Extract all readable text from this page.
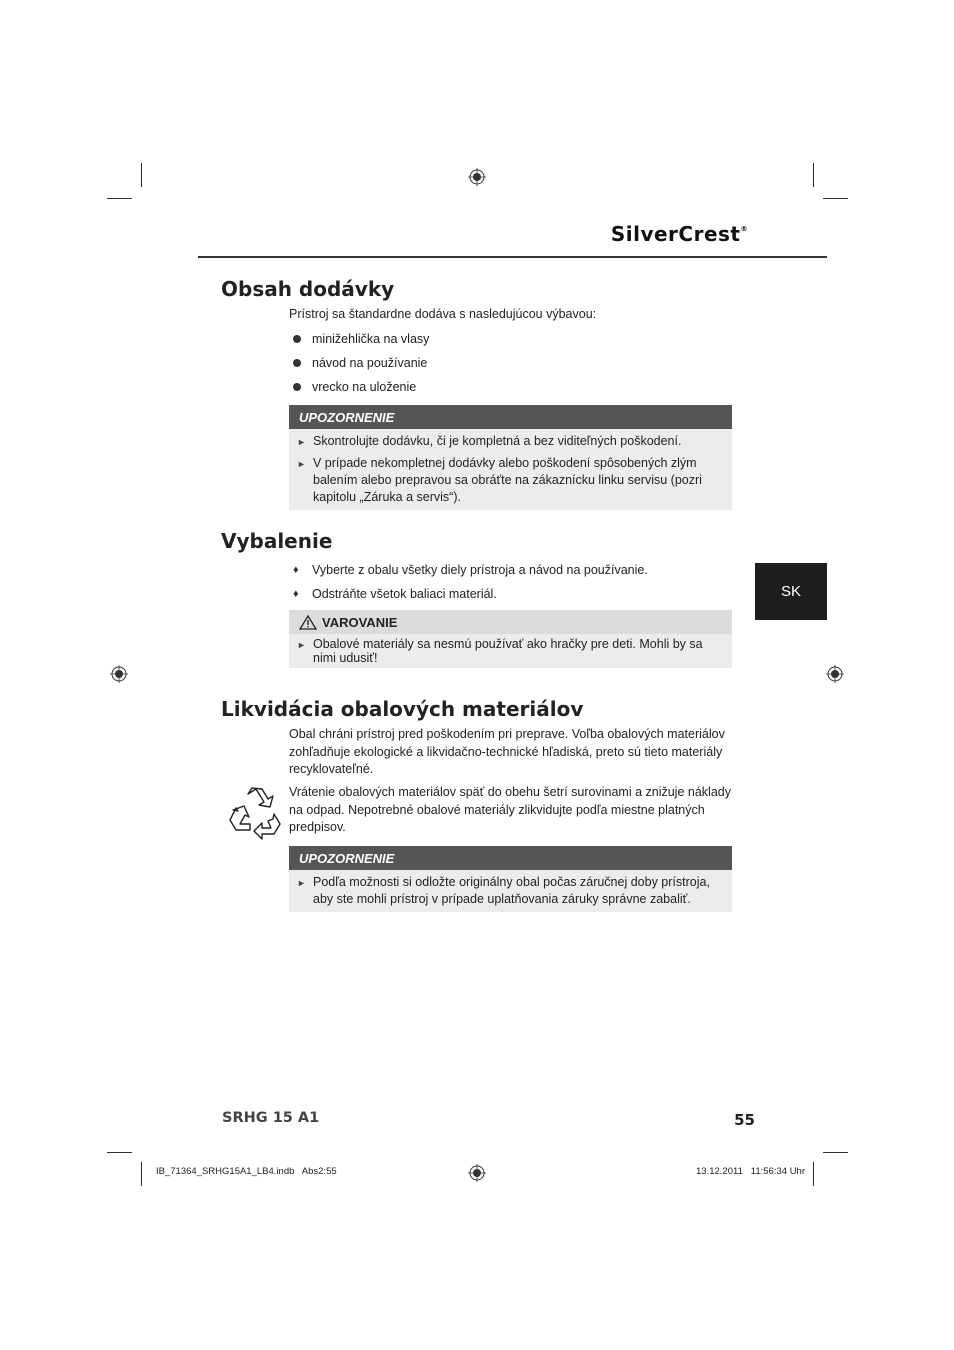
SilverCrest®
Obsah dodávky
Prístroj sa štandardne dodáva s nasledujúcou výbavou:
minižehlička na vlasy
návod na používanie
vrecko na uloženie
UPOZORNENIE
► Skontrolujte dodávku, či je kompletná a bez viditeľných poškodení.
► V prípade nekompletnej dodávky alebo poškodení spôsobených zlým balením alebo prepravou sa obráťte na zákaznícku linku servisu (pozri kapitolu „Záruka a servis“).
Vybalenie
♦ Vyberte z obalu všetky diely prístroja a návod na používanie.
♦ Odstráňte všetok baliaci materiál.
VAROVANIE
► Obalové materiály sa nesmú používať ako hračky pre deti. Mohli by sa nimi udusiť!
Likvidácia obalových materiálov
Obal chráni prístroj pred poškodením pri preprave. Voľba obalových materiálov zohľadňuje ekologické a likvidačno-technické hľadiská, preto sú tieto materiály recyklovateľné.
Vrátenie obalových materiálov späť do obehu šetrí surovinami a znižuje náklady na odpad. Nepotrebné obalové materiály zlikvidujte podľa miestne platných predpisov.
UPOZORNENIE
► Podľa možnosti si odložte originálny obal počas záručnej doby prístroja, aby ste mohli prístroj v prípade uplatňovania záruky správne zabaliť.
SK
SRHG 15 A1	55
IB_71364_SRHG15A1_LB4.indb   Abs2:55	13.12.2011   11:56:34 Uhr
